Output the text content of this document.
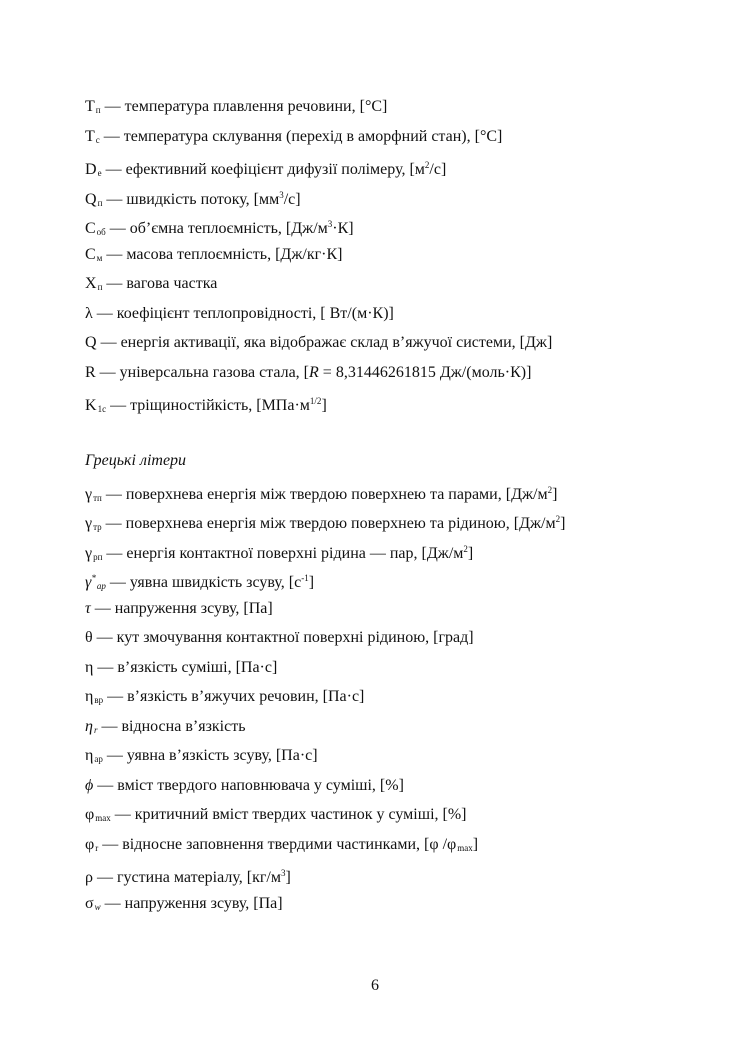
$T_п$ — температура плавлення речовини, [°C]
$T_с$ — температура склування (перехід в аморфний стан), [°C]
$D_e$ — ефективний коефіцієнт дифузії полімеру, $[м^2/с]$
$Q_п$ — швидкість потоку, $[мм^3/с]$
$C_{об}$ — об’ємна теплоємність, $[Дж/м^3\cdot К]$
$C_м$ — масова теплоємність, [Дж/кг·К]
$X_п$ — вагова частка
λ — коефіцієнт теплопровідності, [ Вт/(м·К)]
Q — енергія активації, яка відображає склад в’яжучої системи, [Дж]
R — універсальна газова стала, [R = 8,31446261815 Дж/(моль·К)]
$K_{1c}$ — тріщиностійкість, $[МПа\cdot м^{1/2}]$
Грецькі літери
$\gamma_{тп}$ — поверхнева енергія між твердою поверхнею та парами, $[Дж/м^2]$
$\gamma_{тр}$ — поверхнева енергія між твердою поверхнею та рідиною, $[Дж/м^2]$
$\gamma_{рп}$ — енергія контактної поверхні рідина — пар, $[Дж/м^2]$
$\gamma^*_{ap}$ — уявна швидкість зсуву, $[с^{-1}]$
τ — напруження зсуву, [Па]
θ — кут змочування контактної поверхні рідиною, [град]
η — в’язкість суміші, [Па·с]
$\eta_{вр}$ — в’язкість в’яжучих речовин, [Па·с]
$\eta_r$ — відносна в’язкість
$\eta_{ap}$ — уявна в’язкість зсуву, [Па·с]
ϕ — вміст твердого наповнювача у суміші, [%]
$\varphi_{max}$ — критичний вміст твердих частинок у суміші, [%]
$\varphi_r$ — відносне заповнення твердими частинками, [φ $/\varphi_{max}$]
ρ — густина матеріалу, $[кг/м^3]$
$\sigma_w$ — напруження зсуву, [Па]
6
